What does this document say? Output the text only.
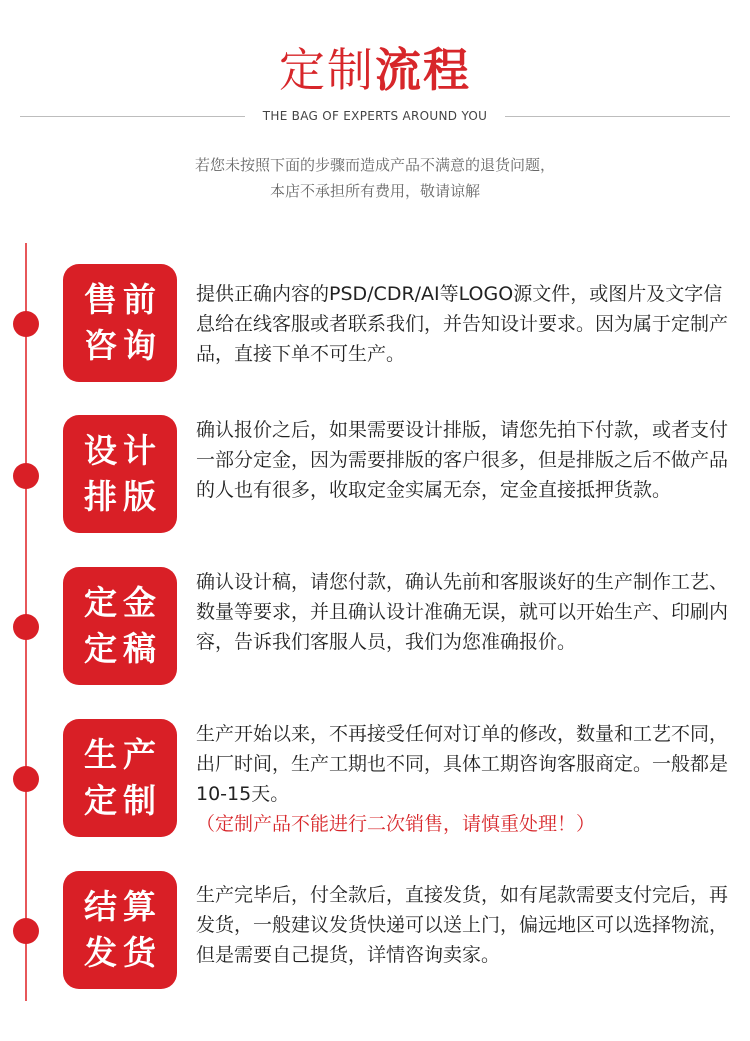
定制流程
THE BAG OF EXPERTS AROUND YOU
若您未按照下面的步骤而造成产品不满意的退货问题，
本店不承担所有费用，敬请谅解
售前
咨询
提供正确内容的PSD/CDR/AI等LOGO源文件，或图片及文字信息给在线客服或者联系我们，并告知设计要求。因为属于定制产品，直接下单不可生产。
设计
排版
确认报价之后，如果需要设计排版，请您先拍下付款，或者支付一部分定金，因为需要排版的客户很多，但是排版之后不做产品的人也有很多，收取定金实属无奈，定金直接抵押货款。
定金
定稿
确认设计稿，请您付款，确认先前和客服谈好的生产制作工艺、数量等要求，并且确认设计准确无误，就可以开始生产、印刷内容，告诉我们客服人员，我们为您准确报价。
生产
定制
生产开始以来，不再接受任何对订单的修改，数量和工艺不同，出厂时间，生产工期也不同，具体工期咨询客服商定。一般都是10-15天。
（定制产品不能进行二次销售，请慎重处理！）
结算
发货
生产完毕后，付全款后，直接发货，如有尾款需要支付完后，再发货，一般建议发货快递可以送上门，偏远地区可以选择物流，但是需要自己提货，详情咨询卖家。
